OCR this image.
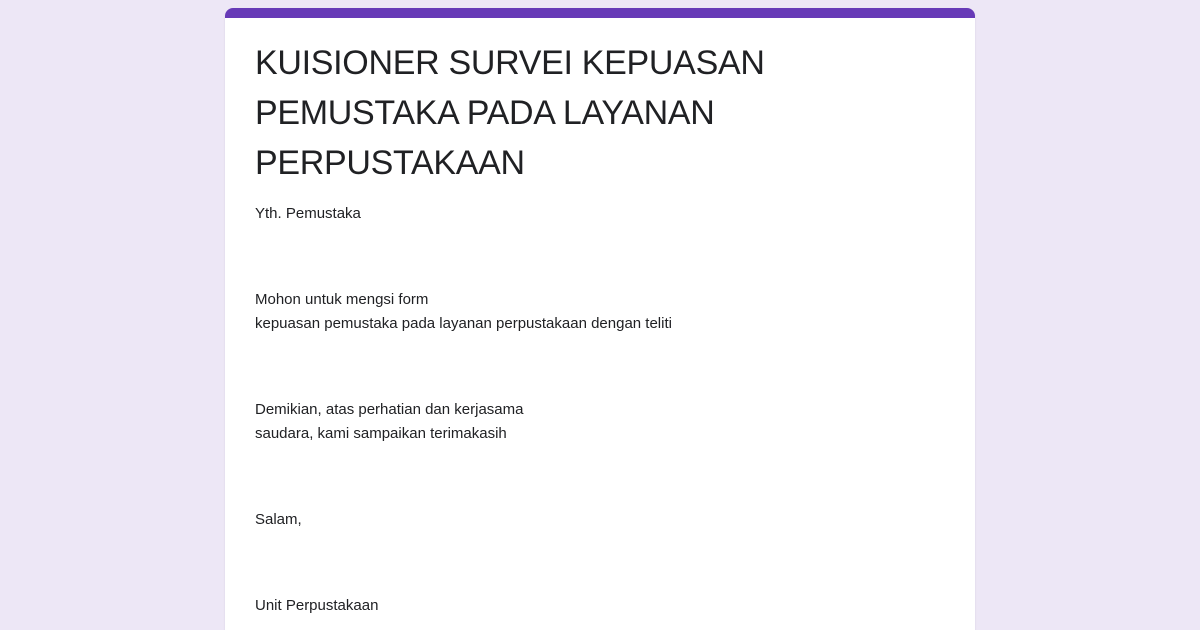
KUISIONER SURVEI KEPUASAN
PEMUSTAKA PADA LAYANAN
PERPUSTAKAAN
Yth. Pemustaka
Mohon untuk mengsi form
kepuasan pemustaka pada layanan perpustakaan dengan teliti
Demikian, atas perhatian dan kerjasama
saudara, kami sampaikan terimakasih
Salam,
Unit Perpustakaan
